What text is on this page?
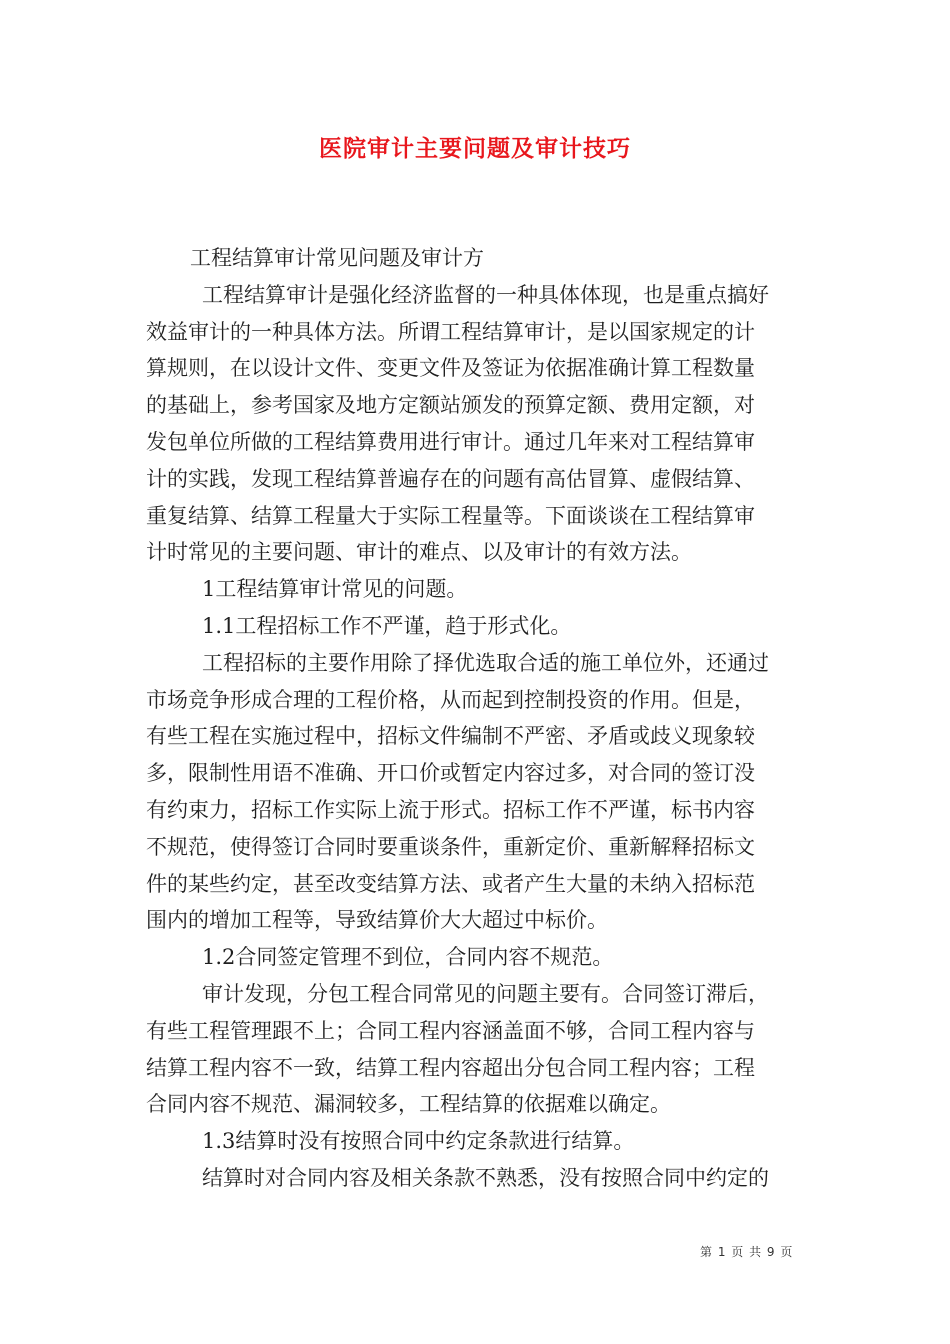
医院审计主要问题及审计技巧
工程结算审计常见问题及审计方
工程结算审计是强化经济监督的一种具体体现，也是重点搞好
效益审计的一种具体方法。所谓工程结算审计，是以国家规定的计
算规则，在以设计文件、变更文件及签证为依据准确计算工程数量
的基础上，参考国家及地方定额站颁发的预算定额、费用定额，对
发包单位所做的工程结算费用进行审计。通过几年来对工程结算审
计的实践，发现工程结算普遍存在的问题有高估冒算、虚假结算、
重复结算、结算工程量大于实际工程量等。下面谈谈在工程结算审
计时常见的主要问题、审计的难点、以及审计的有效方法。
1工程结算审计常见的问题。
1.1工程招标工作不严谨，趋于形式化。
工程招标的主要作用除了择优选取合适的施工单位外，还通过
市场竞争形成合理的工程价格，从而起到控制投资的作用。但是，
有些工程在实施过程中，招标文件编制不严密、矛盾或歧义现象较
多，限制性用语不准确、开口价或暂定内容过多，对合同的签订没
有约束力，招标工作实际上流于形式。招标工作不严谨，标书内容
不规范，使得签订合同时要重谈条件，重新定价、重新解释招标文
件的某些约定，甚至改变结算方法、或者产生大量的未纳入招标范
围内的增加工程等，导致结算价大大超过中标价。
1.2合同签定管理不到位，合同内容不规范。
审计发现，分包工程合同常见的问题主要有。合同签订滞后，
有些工程管理跟不上；合同工程内容涵盖面不够，合同工程内容与
结算工程内容不一致，结算工程内容超出分包合同工程内容；工程
合同内容不规范、漏洞较多，工程结算的依据难以确定。
1.3结算时没有按照合同中约定条款进行结算。
结算时对合同内容及相关条款不熟悉，没有按照合同中约定的
第 1 页 共 9 页
